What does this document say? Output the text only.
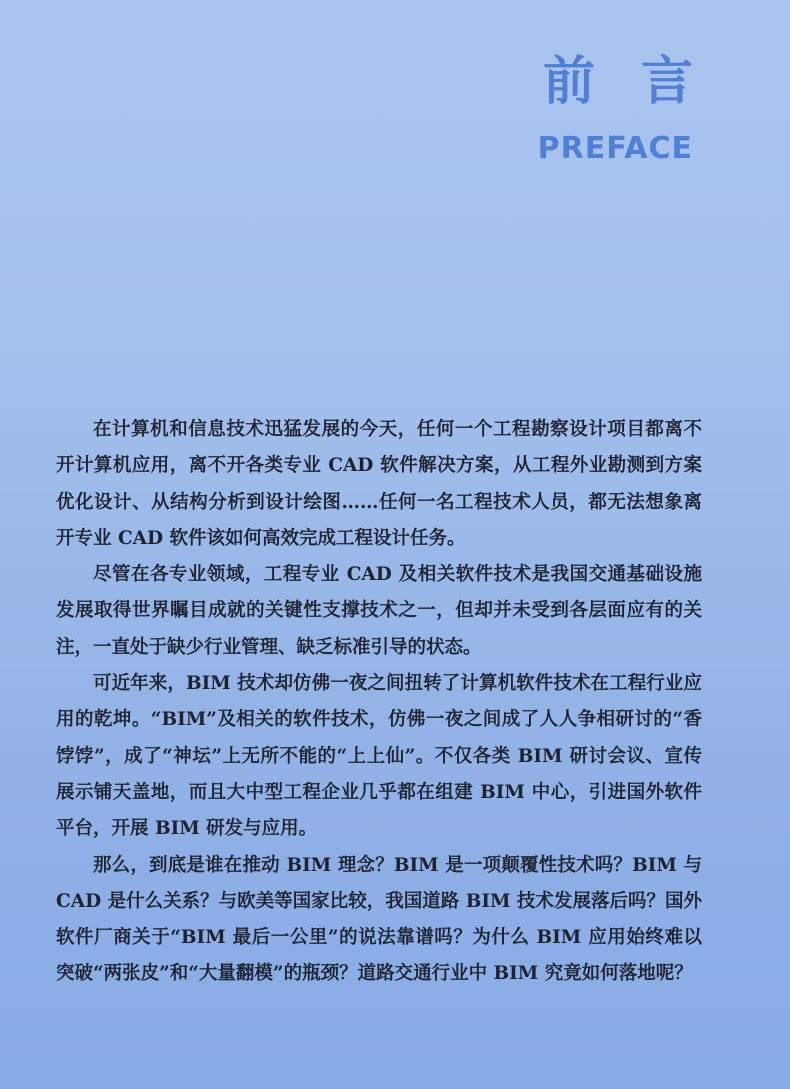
前言
PREFACE

在计算机和信息技术迅猛发展的今天，任何一个工程勘察设计项目都离不开计算机应用，离不开各类专业 CAD 软件解决方案，从工程外业勘测到方案优化设计、从结构分析到设计绘图……任何一名工程技术人员，都无法想象离开专业 CAD 软件该如何高效完成工程设计任务。

尽管在各专业领域，工程专业 CAD 及相关软件技术是我国交通基础设施发展取得世界瞩目成就的关键性支撑技术之一，但却并未受到各层面应有的关注，一直处于缺少行业管理、缺乏标准引导的状态。

可近年来，BIM 技术却仿佛一夜之间扭转了计算机软件技术在工程行业应用的乾坤。“BIM”及相关的软件技术，仿佛一夜之间成了人人争相研讨的“香饽饽”，成了“神坛”上无所不能的“上上仙”。不仅各类 BIM 研讨会议、宣传展示铺天盖地，而且大中型工程企业几乎都在组建 BIM 中心，引进国外软件平台，开展 BIM 研发与应用。

那么，到底是谁在推动 BIM 理念？BIM 是一项颠覆性技术吗？BIM 与 CAD 是什么关系？与欧美等国家比较，我国道路 BIM 技术发展落后吗？国外软件厂商关于“BIM 最后一公里”的说法靠谱吗？为什么 BIM 应用始终难以突破“两张皮”和“大量翻模”的瓶颈？道路交通行业中 BIM 究竟如何落地呢？
